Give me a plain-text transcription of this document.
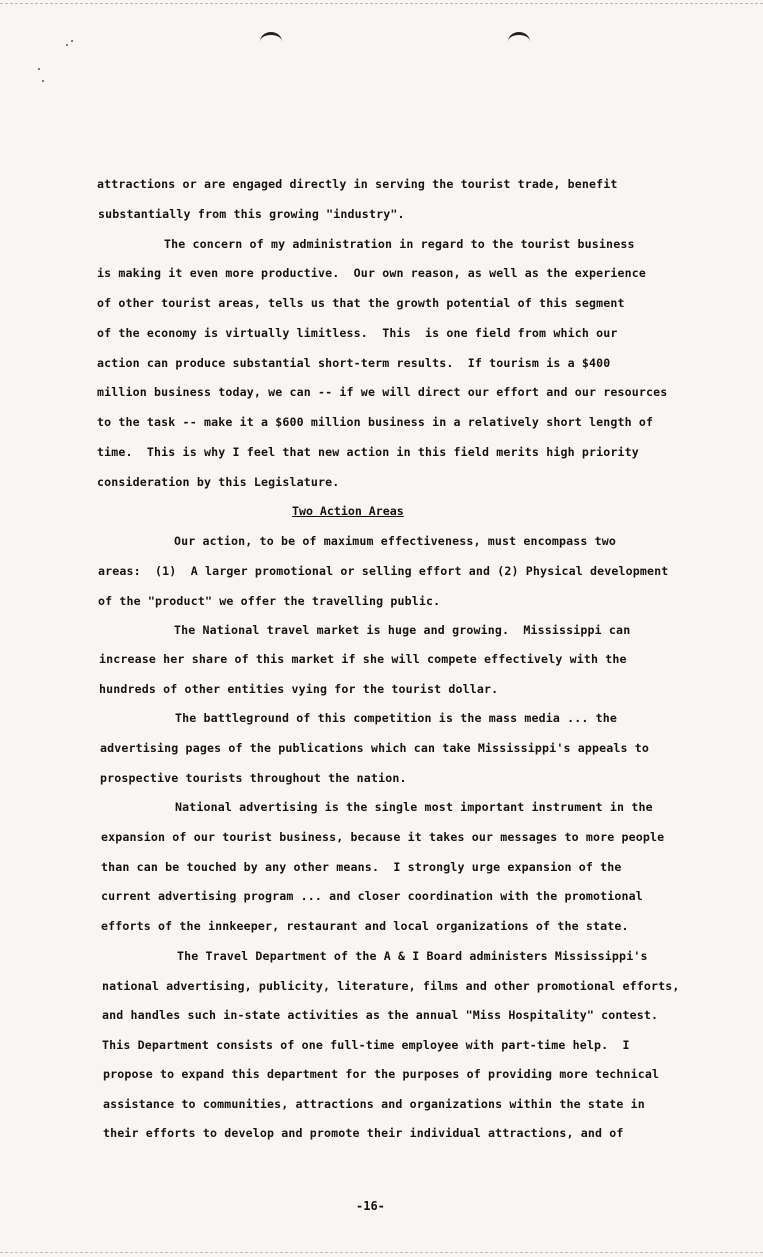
attractions or are engaged directly in serving the tourist trade, benefit
substantially from this growing "industry".
The concern of my administration in regard to the tourist business
is making it even more productive.  Our own reason, as well as the experience
of other tourist areas, tells us that the growth potential of this segment
of the economy is virtually limitless.  This  is one field from which our
action can produce substantial short-term results.  If tourism is a $400
million business today, we can -- if we will direct our effort and our resources
to the task -- make it a $600 million business in a relatively short length of
time.  This is why I feel that new action in this field merits high priority
consideration by this Legislature.
Two Action Areas
Our action, to be of maximum effectiveness, must encompass two
areas:  (1)  A larger promotional or selling effort and (2) Physical development
of the "product" we offer the travelling public.
The National travel market is huge and growing.  Mississippi can
increase her share of this market if she will compete effectively with the
hundreds of other entities vying for the tourist dollar.
The battleground of this competition is the mass media ... the
advertising pages of the publications which can take Mississippi's appeals to
prospective tourists throughout the nation.
National advertising is the single most important instrument in the
expansion of our tourist business, because it takes our messages to more people
than can be touched by any other means.  I strongly urge expansion of the
current advertising program ... and closer coordination with the promotional
efforts of the innkeeper, restaurant and local organizations of the state.
The Travel Department of the A & I Board administers Mississippi's
national advertising, publicity, literature, films and other promotional efforts,
and handles such in-state activities as the annual "Miss Hospitality" contest.
This Department consists of one full-time employee with part-time help.  I
propose to expand this department for the purposes of providing more technical
assistance to communities, attractions and organizations within the state in
their efforts to develop and promote their individual attractions, and of
-16-
